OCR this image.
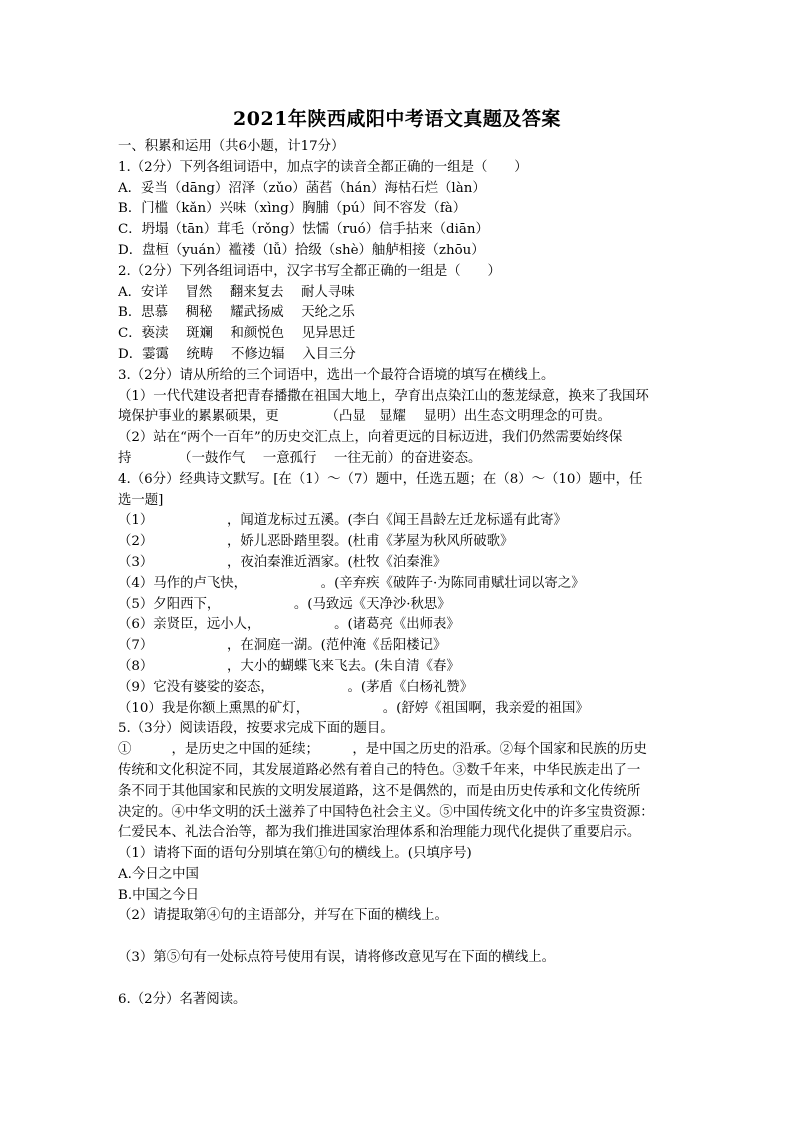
2021年陕西咸阳中考语文真题及答案
一、积累和运用（共6小题，计17分）
1.（2分）下列各组词语中，加点字的读音全都正确的一组是（　　）
A．妥当（dāng）沼泽（zǔo）菡萏（hán）海枯石烂（làn）
B．门槛（kǎn）兴味（xìng）胸脯（pú）间不容发（fà）
C．坍塌（tān）茸毛（rǒng）怯懦（ruó）信手拈来（diān）
D．盘桓（yuán）褴褛（lǚ）拾级（shè）舳舻相接（zhōu）
2.（2分）下列各组词语中，汉字书写全都正确的一组是（　　）
A．安详　 冒然　 翻来复去　 耐人寻味
B．思慕　 稠秘　 耀武扬威　 天纶之乐
C．亵渎　 斑斓　 和颜悦色　 见异思迁
D．霎霭　 统畴　 不修边辐　 入目三分
3.（2分）请从所给的三个词语中，选出一个最符合语境的填写在横线上。
（1）一代代建设者把青春播撒在祖国大地上，孕育出点染江山的葱茏绿意，换来了我国环
境保护事业的累累硕果，更　　　　（凸显　显耀　 显明）出生态文明理念的可贵。
（2）站在“两个一百年”的历史交汇点上，向着更远的目标迈进，我们仍然需要始终保
持　　　　（一鼓作气　 一意孤行　 一往无前）的奋进姿态。
4.（6分）经典诗文默写。[在（1）～（7）题中，任选五题；在（8）～（10）题中，任
选一题]
（1）　　　　　　，闻道龙标过五溪。(李白《闻王昌龄左迁龙标遥有此寄》
（2）　　　　　　，娇儿恶卧踏里裂。(杜甫《茅屋为秋风所破歌》
（3）　　　　　　，夜泊秦淮近酒家。(杜牧《泊秦淮》
（4）马作的卢飞快，　　　　　　。(辛弃疾《破阵子·为陈同甫赋壮词以寄之》
（5）夕阳西下，　　　　　　。(马致远《天净沙·秋思》
（6）亲贤臣，远小人，　　　　　　。(诸葛亮《出师表》
（7）　　　　　　，在洞庭一湖。(范仲淹《岳阳楼记》
（8）　　　　　　，大小的蝴蝶飞来飞去。(朱自清《春》
（9）它没有婆娑的姿态，　　　　　　。(茅盾《白杨礼赞》
（10）我是你额上熏黑的矿灯，　　　　　　。(舒婷《祖国啊，我亲爱的祖国》
5.（3分）阅读语段，按要求完成下面的题目。
①　　　，是历史之中国的延续；　　　，是中国之历史的沿承。②每个国家和民族的历史
传统和文化积淀不同，其发展道路必然有着自己的特色。③数千年来，中华民族走出了一
条不同于其他国家和民族的文明发展道路，这不是偶然的，而是由历史传承和文化传统所
决定的。④中华文明的沃土滋养了中国特色社会主义。⑤中国传统文化中的许多宝贵资源：
仁爱民本、礼法合治等，都为我们推进国家治理体系和治理能力现代化提供了重要启示。
（1）请将下面的语句分别填在第①句的横线上。(只填序号)
A.今日之中国
B.中国之今日
（2）请提取第④句的主语部分，并写在下面的横线上。
（3）第⑤句有一处标点符号使用有误，请将修改意见写在下面的横线上。
6.（2分）名著阅读。
